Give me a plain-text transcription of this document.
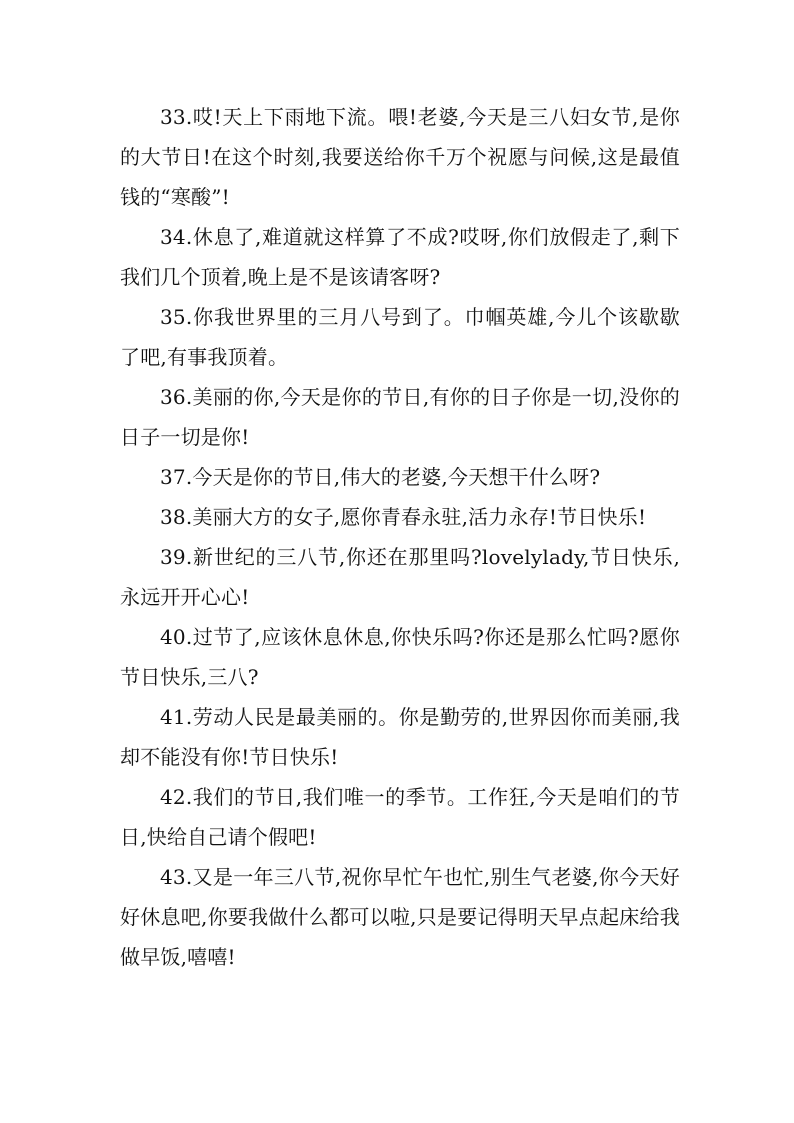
33.哎!天上下雨地下流。喂!老婆,今天是三八妇女节,是你的大节日!在这个时刻,我要送给你千万个祝愿与问候,这是最值钱的“寒酸”!

34.休息了,难道就这样算了不成?哎呀,你们放假走了,剩下我们几个顶着,晚上是不是该请客呀?

35.你我世界里的三月八号到了。巾帼英雄,今儿个该歇歇了吧,有事我顶着。

36.美丽的你,今天是你的节日,有你的日子你是一切,没你的日子一切是你!

37.今天是你的节日,伟大的老婆,今天想干什么呀?

38.美丽大方的女子,愿你青春永驻,活力永存!节日快乐!

39.新世纪的三八节,你还在那里吗?lovelylady,节日快乐,永远开开心心!

40.过节了,应该休息休息,你快乐吗?你还是那么忙吗?愿你节日快乐,三八?

41.劳动人民是最美丽的。你是勤劳的,世界因你而美丽,我却不能没有你!节日快乐!

42.我们的节日,我们唯一的季节。工作狂,今天是咱们的节日,快给自己请个假吧!

43.又是一年三八节,祝你早忙午也忙,别生气老婆,你今天好好休息吧,你要我做什么都可以啦,只是要记得明天早点起床给我做早饭,嘻嘻!
